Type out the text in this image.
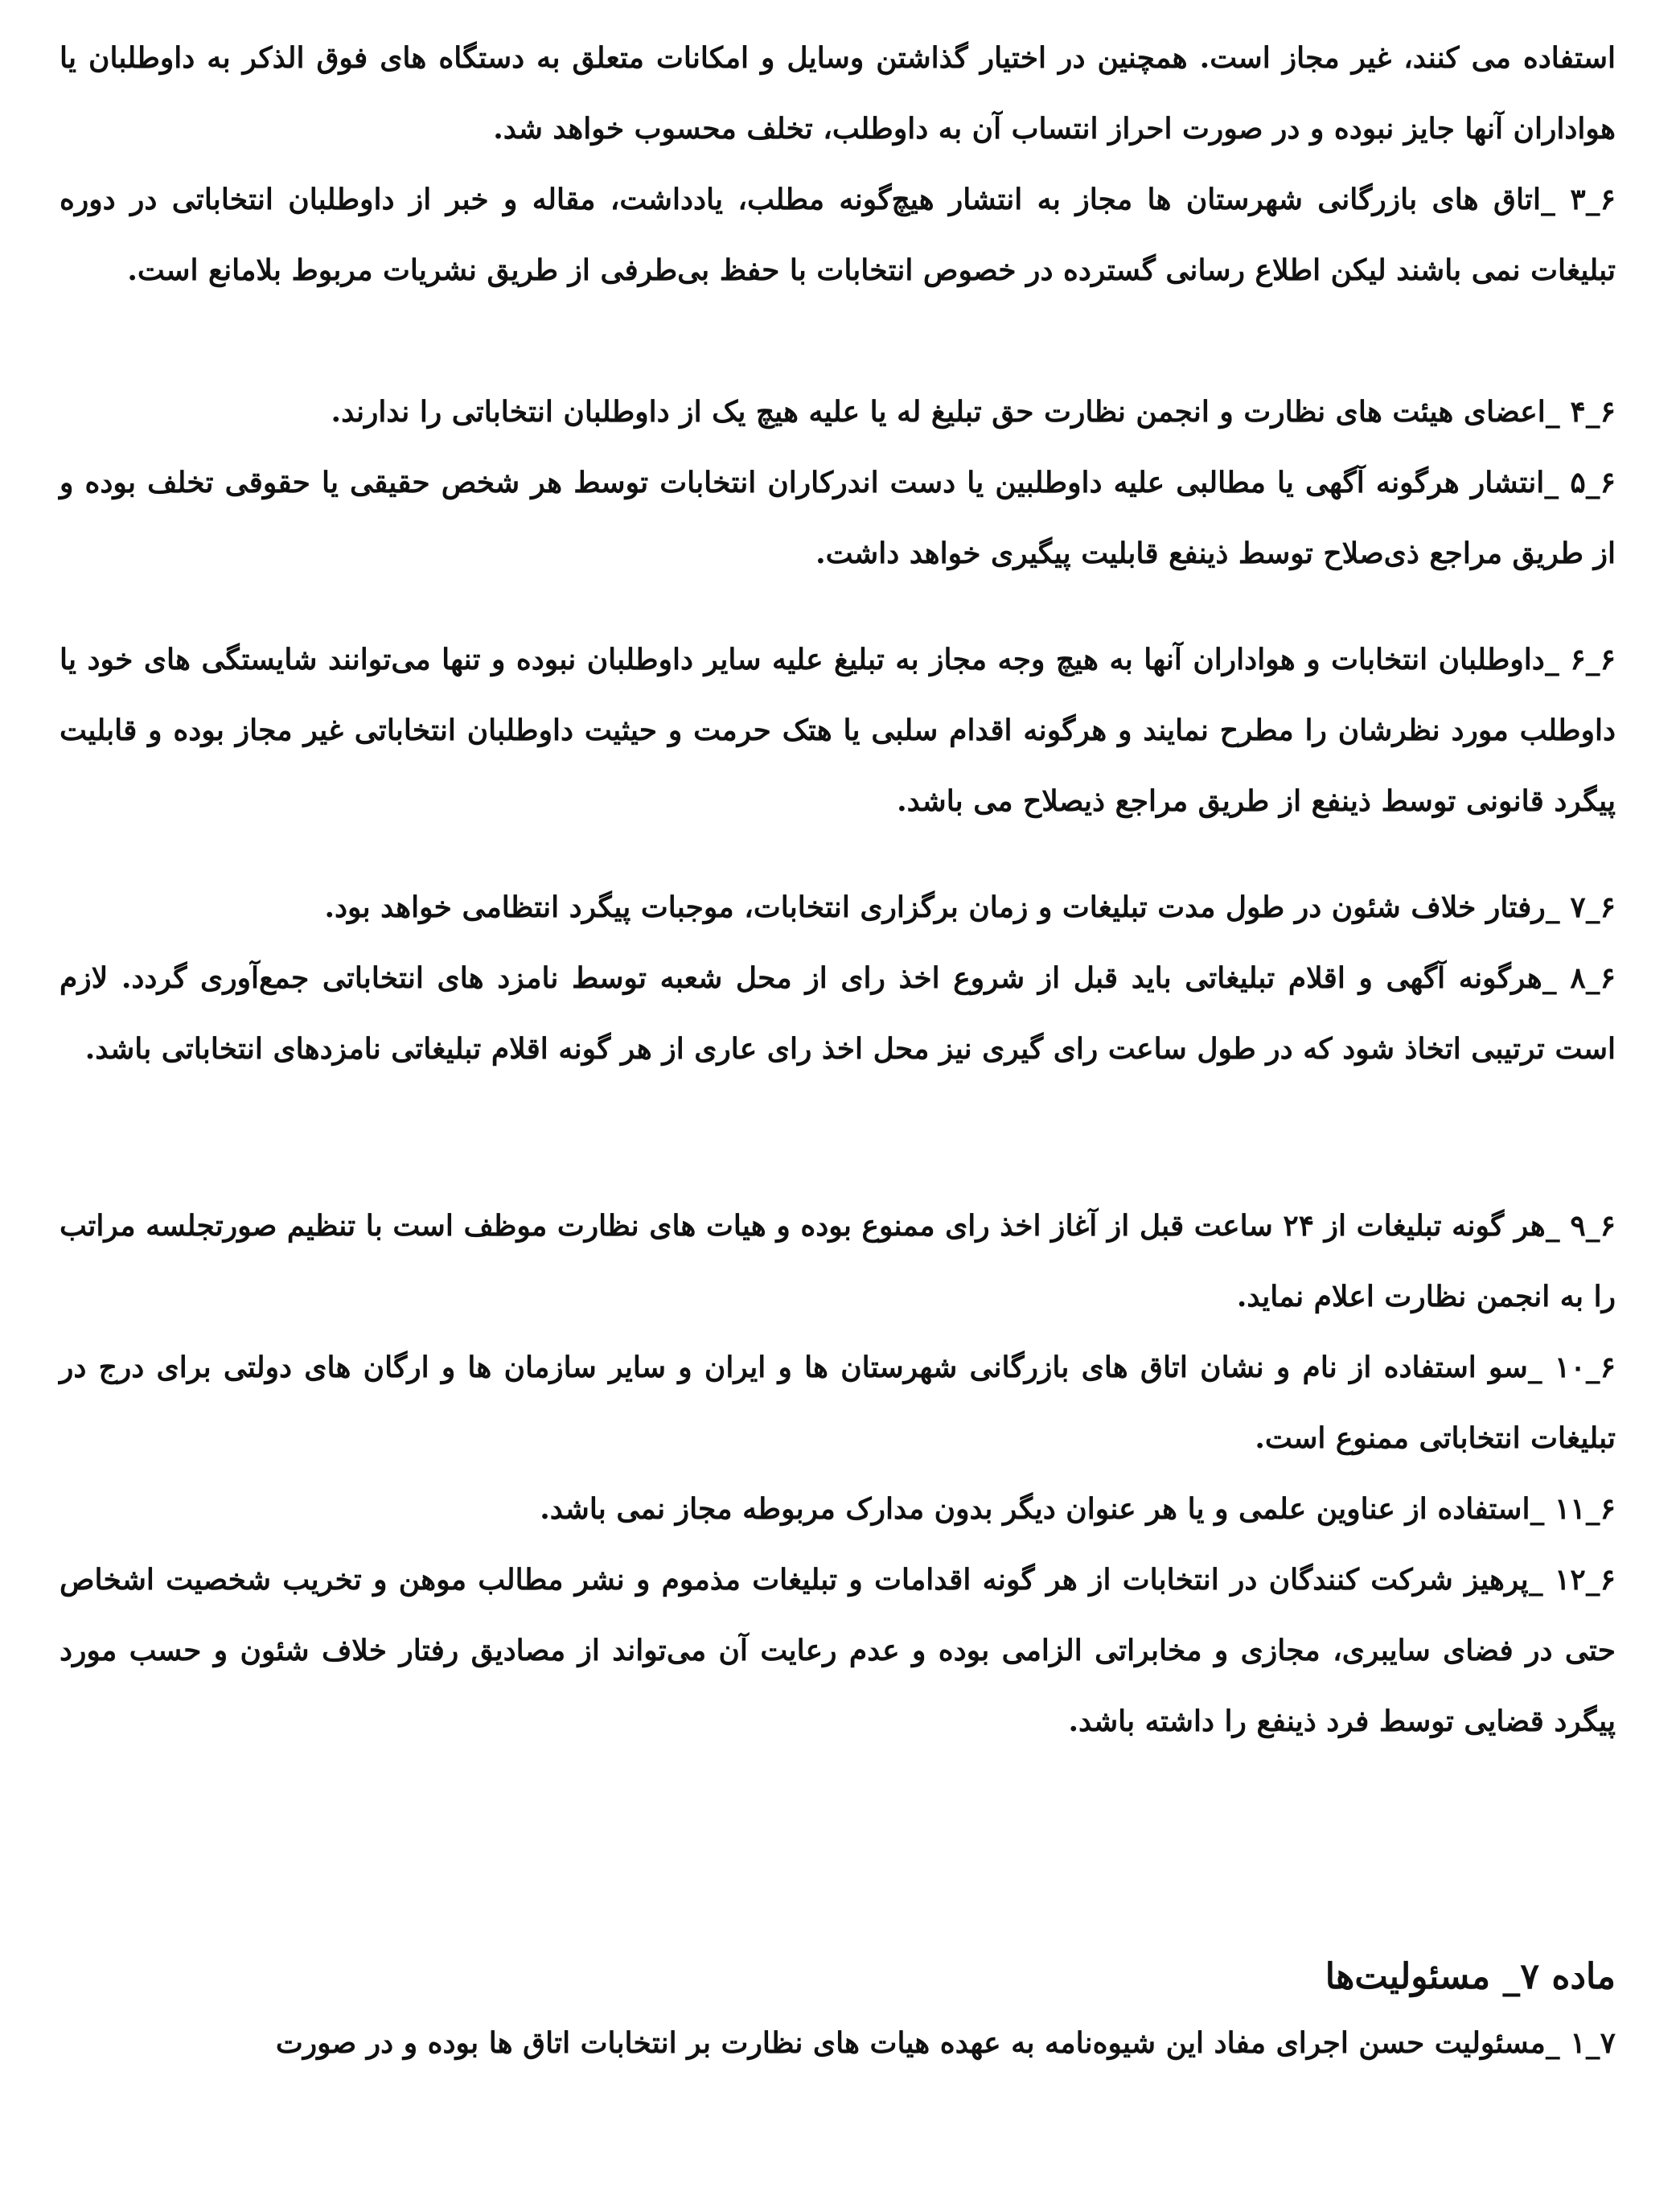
استفاده می کنند، غیر مجاز است. همچنین در اختیار گذاشتن وسایل و امکانات متعلق به دستگاه های فوق الذکر به داوطلبان یا هواداران آنها جایز نبوده و در صورت احراز انتساب آن به داوطلب، تخلف محسوب خواهد شد.

۶_۳ _اتاق های بازرگانی شهرستان ها مجاز به انتشار هیچ‌گونه مطلب، یادداشت، مقاله و خبر از داوطلبان انتخاباتی در دوره تبلیغات نمی باشند لیکن اطلاع رسانی گسترده در خصوص انتخابات با حفظ بی‌طرفی از طریق نشریات مربوط بلامانع است.

۶_۴ _اعضای هیئت های نظارت و انجمن نظارت حق تبلیغ له یا علیه هیچ یک از داوطلبان انتخاباتی را ندارند.

۶_۵ _انتشار هرگونه آگهی یا مطالبی علیه داوطلبین یا دست اندرکاران انتخابات توسط هر شخص حقیقی یا حقوقی تخلف بوده و از طریق مراجع ذی‌صلاح توسط ذینفع قابلیت پیگیری خواهد داشت.

۶_۶ _داوطلبان انتخابات و هواداران آنها به هیچ وجه مجاز به تبلیغ علیه سایر داوطلبان نبوده و تنها می‌توانند شایستگی های خود یا داوطلب مورد نظرشان را مطرح نمایند و هرگونه اقدام سلبی یا هتک حرمت و حیثیت داوطلبان انتخاباتی غیر مجاز بوده و قابلیت پیگرد قانونی توسط ذینفع از طریق مراجع ذیصلاح می باشد.

۶_۷ _رفتار خلاف شئون در طول مدت تبلیغات و زمان برگزاری انتخابات، موجبات پیگرد انتظامی خواهد بود.

۶_۸ _هرگونه آگهی و اقلام تبلیغاتی باید قبل از شروع اخذ رای از محل شعبه توسط نامزد های انتخاباتی جمع‌آوری گردد. لازم است ترتیبی اتخاذ شود که در طول ساعت رای گیری نیز محل اخذ رای عاری از هر گونه اقلام تبلیغاتی نامزدهای انتخاباتی باشد.

۶_۹ _هر گونه تبلیغات از ۲۴ ساعت قبل از آغاز اخذ رای ممنوع بوده و هیات های نظارت موظف است با تنظیم صورتجلسه مراتب را به انجمن نظارت اعلام نماید.

۶_۱۰ _سو استفاده از نام و نشان اتاق های بازرگانی شهرستان ها و ایران و سایر سازمان ها و ارگان های دولتی برای درج در تبلیغات انتخاباتی ممنوع است.

۶_۱۱ _استفاده از عناوین علمی و یا هر عنوان دیگر بدون مدارک مربوطه مجاز نمی باشد.

۶_۱۲ _پرهیز شرکت کنندگان در انتخابات از هر گونه اقدامات و تبلیغات مذموم و نشر مطالب موهن و تخریب شخصیت اشخاص حتی در فضای سایبری، مجازی و مخابراتی الزامی بوده و عدم رعایت آن می‌تواند از مصادیق رفتار خلاف شئون و حسب مورد پیگرد قضایی توسط فرد ذینفع را داشته باشد.

ماده ۷_ مسئولیت‌ها

۷_۱ _مسئولیت حسن اجرای مفاد این شیوه‌نامه به عهده هیات های نظارت بر انتخابات اتاق ها بوده و در صورت
